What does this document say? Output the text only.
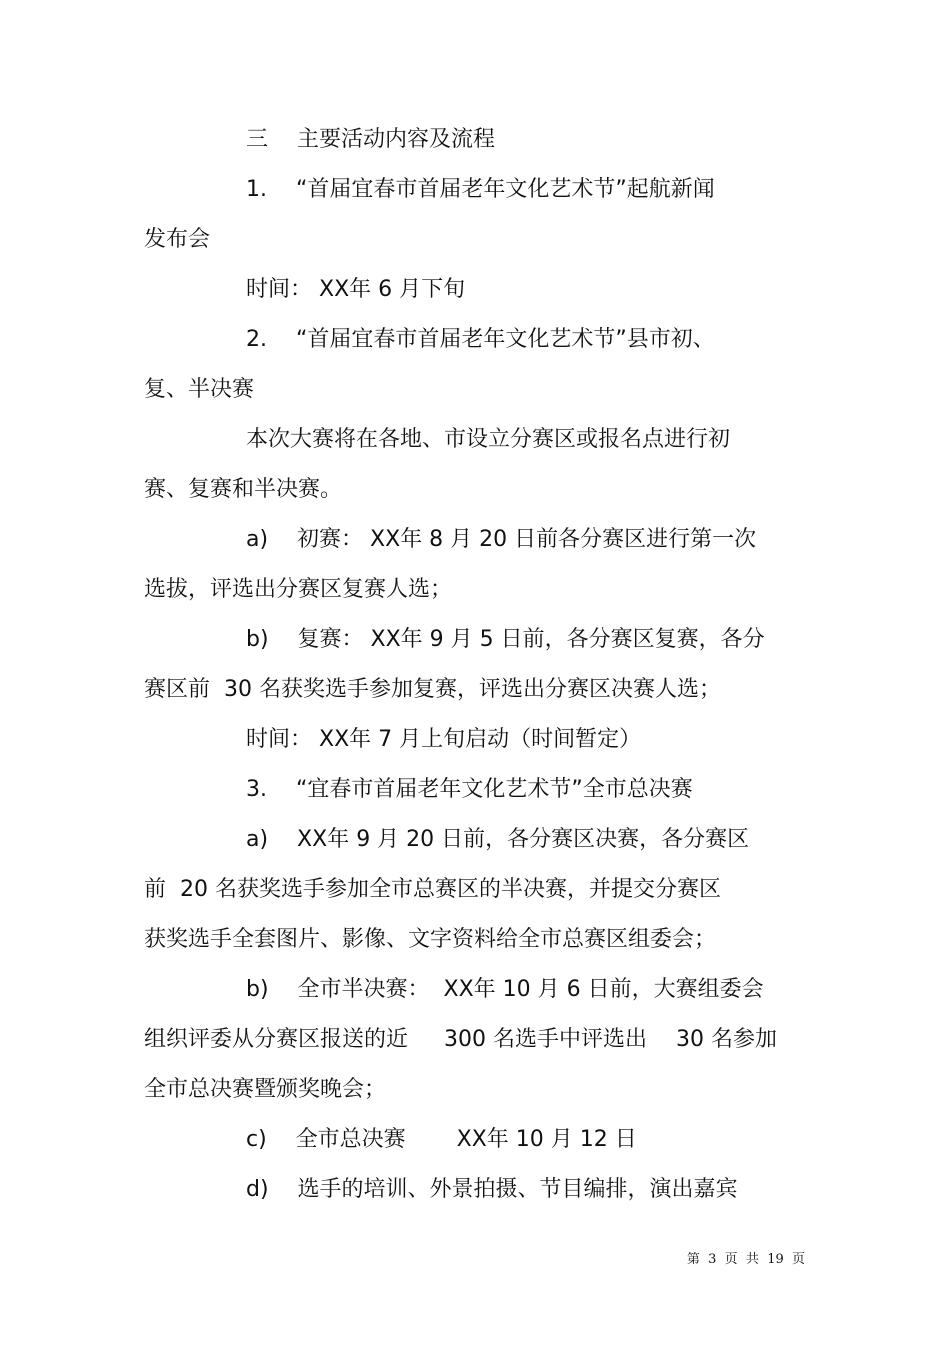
三　 主要活动内容及流程
1.　 “首届宜春市首届老年文化艺术节”起航新闻
发布会
时间： XX年 6 月下旬
2.　 “首届宜春市首届老年文化艺术节”县市初、
复、半决赛
本次大赛将在各地、市设立分赛区或报名点进行初
赛、复赛和半决赛。
a)　 初赛： XX年 8 月 20 日前各分赛区进行第一次
选拔，评选出分赛区复赛人选；
b)　 复赛： XX年 9 月 5 日前，各分赛区复赛，各分
赛区前  30 名获奖选手参加复赛，评选出分赛区决赛人选；
时间： XX年 7 月上旬启动（时间暂定）
3.　 “宜春市首届老年文化艺术节”全市总决赛
a)　 XX年 9 月 20 日前，各分赛区决赛，各分赛区
前  20 名获奖选手参加全市总赛区的半决赛，并提交分赛区
获奖选手全套图片、影像、文字资料给全市总赛区组委会；
b)　 全市半决赛：  XX年 10 月 6 日前，大赛组委会
组织评委从分赛区报送的近　  300 名选手中评选出　 30 名参加
全市总决赛暨颁奖晚会；
c)　 全市总决赛　　 XX年 10 月 12 日
d)　 选手的培训、外景拍摄、节目编排，演出嘉宾
第  3  页  共  19  页
